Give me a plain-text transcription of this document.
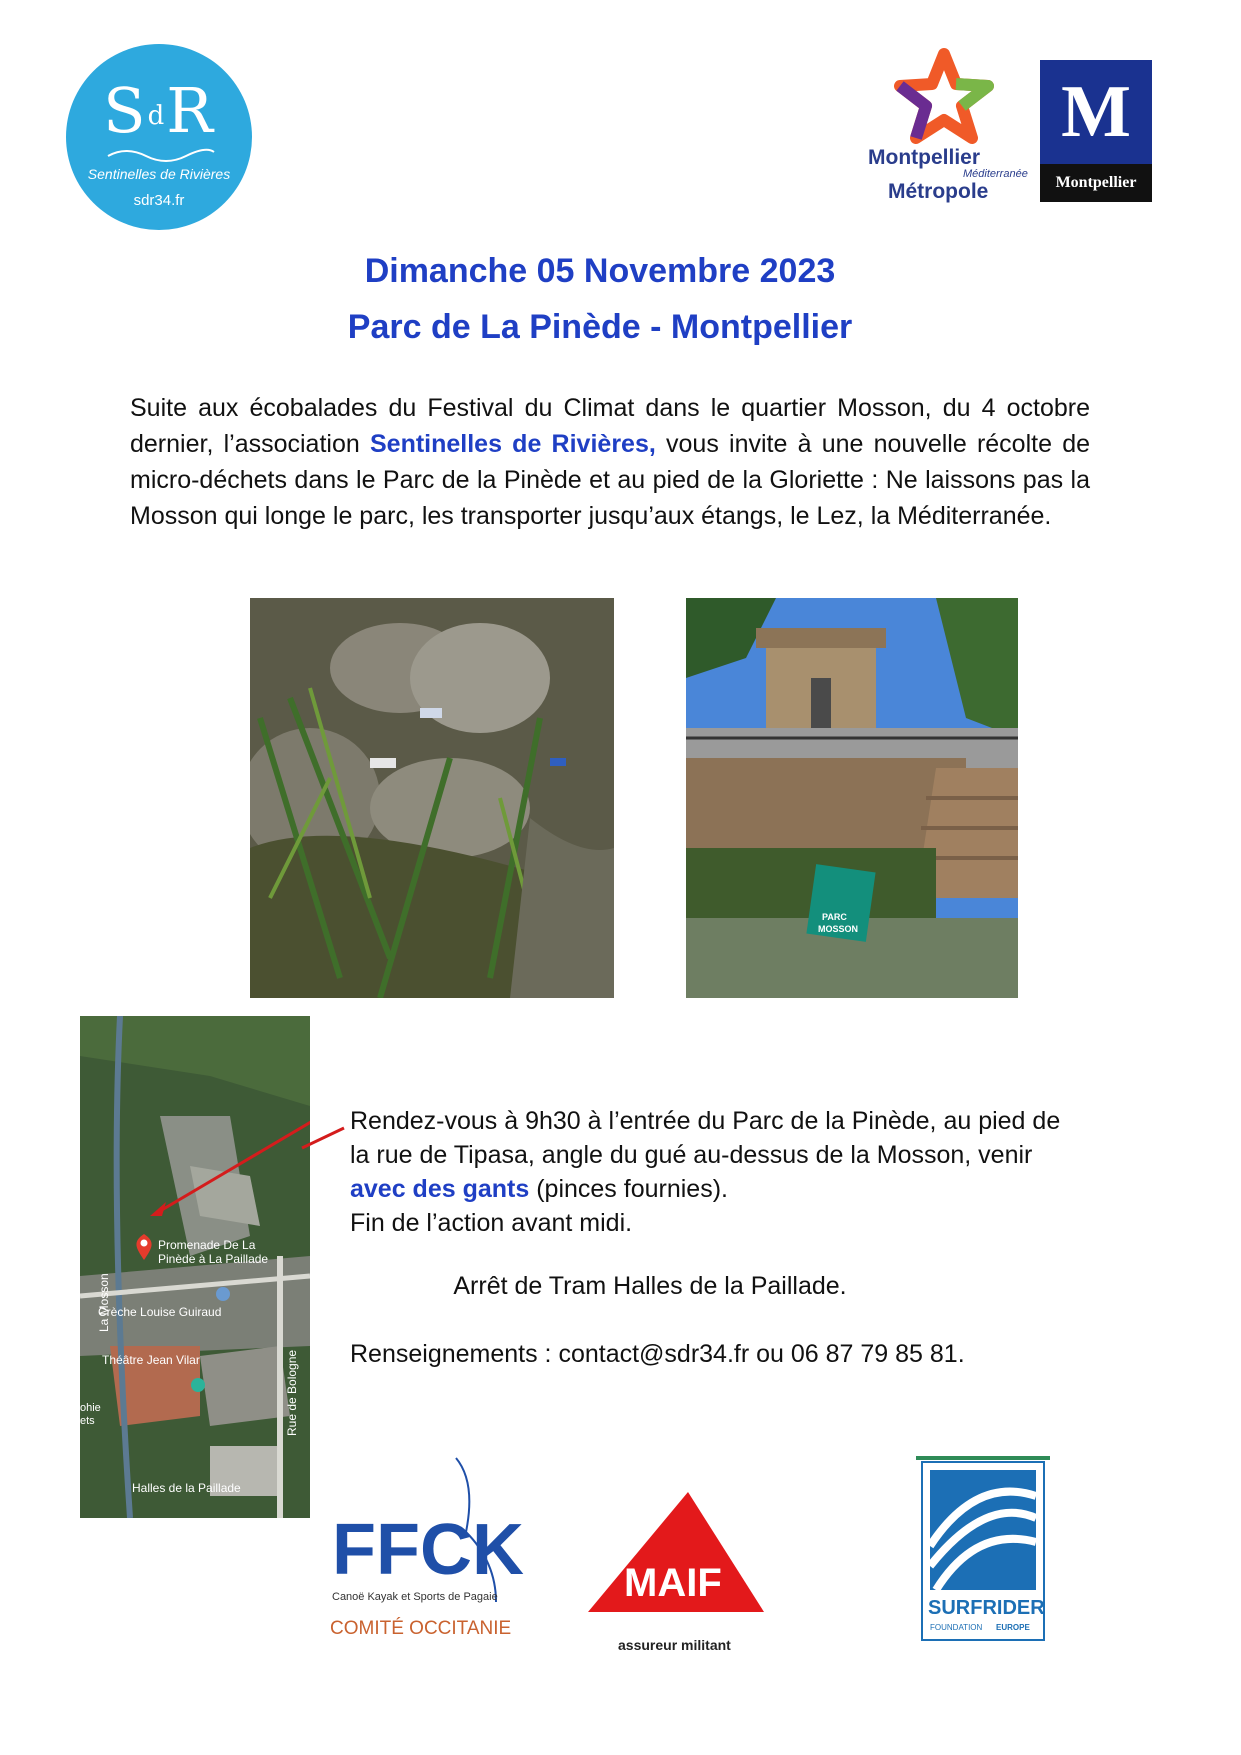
SdR
Sentinelles de Rivières
sdr34.fr
Montpellier
Méditerranée
Métropole
M
Montpellier
Dimanche 05 Novembre 2023
Parc de La Pinède - Montpellier
Suite aux écobalades du Festival du Climat dans le quartier Mosson, du 4 octobre dernier, l’association Sentinelles de Rivières, vous invite à une nouvelle récolte de micro-déchets dans le Parc de la Pinède et au pied de la Gloriette : Ne laissons pas la Mosson qui longe le parc, les transporter jusqu’aux étangs, le Lez, la Méditerranée.
PARC
MOSSON
Promenade De La
Pinède à La Paillade
Crèche Louise Guiraud
Théâtre Jean Vilar
Halles de la Paillade
ohie
ets
La Mosson
Rue de Bologne
Rendez-vous à 9h30 à l’entrée du Parc de la Pinède, au pied de la rue de Tipasa, angle du gué au-dessus de la Mosson, venir avec des gants (pinces fournies).
Fin de l’action avant midi.
Arrêt de Tram Halles de la Paillade.
Renseignements : contact@sdr34.fr ou 06 87 79 85 81.
FFCK
Canoë Kayak et Sports de Pagaie
COMITÉ OCCITANIE
MAIF
assureur militant
SURFRIDER
FOUNDATION EUROPE
